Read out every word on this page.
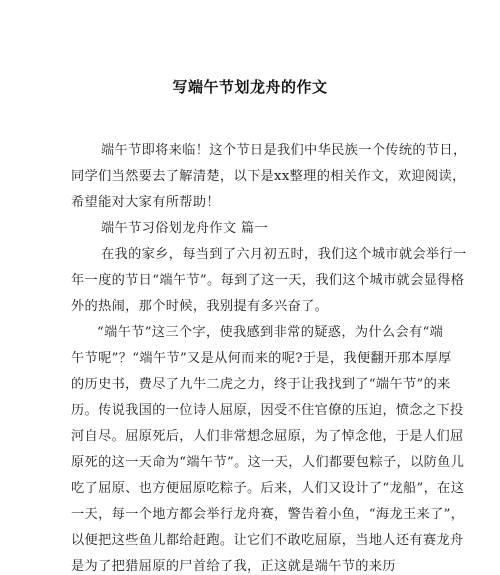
写端午节划龙舟的作文
端午节即将来临！这个节日是我们中华民族一个传统的节日，
同学们当然要去了解清楚，以下是xx整理的相关作文，欢迎阅读，
希望能对大家有所帮助！
端午节习俗划龙舟作文 篇一
在我的家乡，每当到了六月初五时，我们这个城市就会举行一
年一度的节日“端午节”。每到了这一天，我们这个城市就会显得格
外的热闹，那个时候，我别提有多兴奋了。
“端午节”这三个字，使我感到非常的疑惑，为什么会有“端
午节呢”？“端午节”又是从何而来的呢?于是，我便翻开那本厚厚
的历史书，费尽了九牛二虎之力，终于让我找到了“端午节”的来
历。传说我国的一位诗人屈原，因受不住官僚的压迫，愤念之下投
河自尽。屈原死后，人们非常想念屈原，为了悼念他，于是人们屈
原死的这一天命为“端午节”。这一天，人们都要包粽子，以防鱼儿
吃了屈原、也方便屈原吃粽子。后来，人们又设计了“龙船”，在这
一天，每一个地方都会举行龙舟赛，警告着小鱼，“海龙王来了”，
以便把这些鱼儿都给赶跑。让它们不敢吃屈原，当地人还有赛龙舟
是为了把猎屈原的尸首给了我，正这就是端午节的来历
